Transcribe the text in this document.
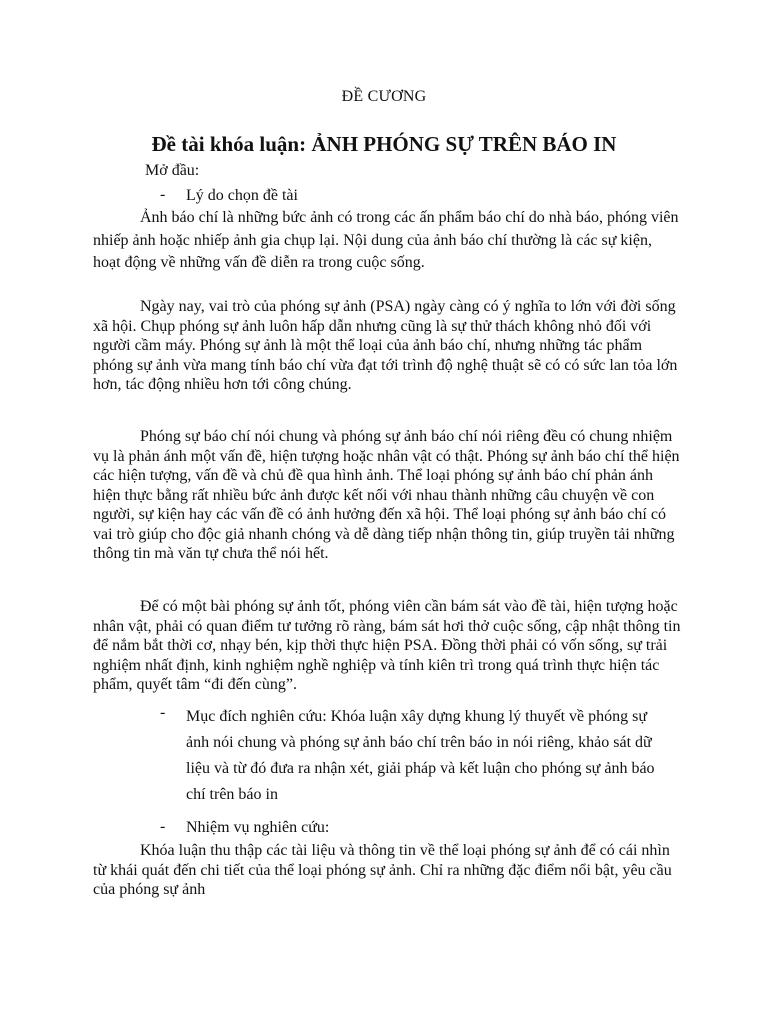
ĐỀ CƯƠNG
Đề tài khóa luận: ẢNH PHÓNG SỰ TRÊN BÁO IN
Mở đầu:
- Lý do chọn đề tài
Ảnh báo chí là những bức ảnh có trong các ấn phẩm báo chí do nhà báo, phóng viên nhiếp ảnh hoặc nhiếp ảnh gia chụp lại. Nội dung của ảnh báo chí thường là các sự kiện, hoạt động về những vấn đề diễn ra trong cuộc sống.
Ngày nay, vai trò của phóng sự ảnh (PSA) ngày càng có ý nghĩa to lớn với đời sống xã hội. Chụp phóng sự ảnh luôn hấp dẫn nhưng cũng là sự thử thách không nhỏ đối với người cầm máy. Phóng sự ảnh là một thể loại của ảnh báo chí, nhưng những tác phẩm phóng sự ảnh vừa mang tính báo chí vừa đạt tới trình độ nghệ thuật sẽ có có sức lan tỏa lớn hơn, tác động nhiều hơn tới công chúng.
Phóng sự báo chí nói chung và phóng sự ảnh báo chí nói riêng đều có chung nhiệm vụ là phản ánh một vấn đề, hiện tượng hoặc nhân vật có thật. Phóng sự ảnh báo chí thể hiện các hiện tượng, vấn đề và chủ đề qua hình ảnh. Thể loại phóng sự ảnh báo chí phản ánh hiện thực bằng rất nhiều bức ảnh được kết nối với nhau thành những câu chuyện về con người, sự kiện hay các vấn đề có ảnh hưởng đến xã hội. Thể loại phóng sự ảnh báo chí có vai trò giúp cho độc giả nhanh chóng và dễ dàng tiếp nhận thông tin, giúp truyền tải những thông tin mà văn tự chưa thể nói hết.
Để có một bài phóng sự ảnh tốt, phóng viên cần bám sát vào đề tài, hiện tượng hoặc nhân vật, phải có quan điểm tư tưởng rõ ràng, bám sát hơi thở cuộc sống, cập nhật thông tin để nắm bắt thời cơ, nhạy bén, kịp thời thực hiện PSA. Đồng thời phải có vốn sống, sự trải nghiệm nhất định, kinh nghiệm nghề nghiệp và tính kiên trì trong quá trình thực hiện tác phẩm, quyết tâm “đi đến cùng”.
- Mục đích nghiên cứu: Khóa luận xây dựng khung lý thuyết về phóng sự ảnh nói chung và phóng sự ảnh báo chí trên báo in nói riêng, khảo sát dữ liệu và từ đó đưa ra nhận xét, giải pháp và kết luận cho phóng sự ảnh báo chí trên báo in
- Nhiệm vụ nghiên cứu:
Khóa luận thu thập các tài liệu và thông tin về thể loại phóng sự ảnh để có cái nhìn từ khái quát đến chi tiết của thể loại phóng sự ảnh. Chỉ ra những đặc điểm nổi bật, yêu cầu của phóng sự ảnh
